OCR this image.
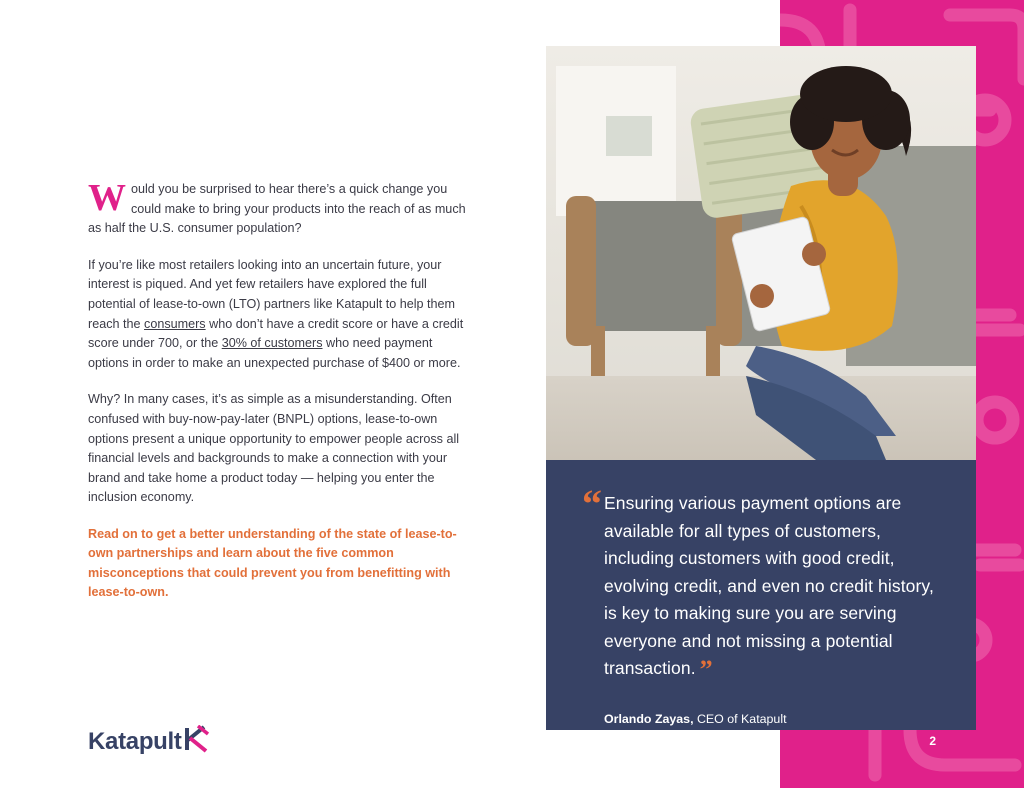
Would you be surprised to hear there’s a quick change you could make to bring your products into the reach of as much as half the U.S. consumer population?

If you’re like most retailers looking into an uncertain future, your interest is piqued. And yet few retailers have explored the full potential of lease-to-own (LTO) partners like Katapult to help them reach the consumers who don’t have a credit score or have a credit score under 700, or the 30% of customers who need payment options in order to make an unexpected purchase of $400 or more.

Why? In many cases, it’s as simple as a misunderstanding. Often confused with buy-now-pay-later (BNPL) options, lease-to-own options present a unique opportunity to empower people across all financial levels and backgrounds to make a connection with your brand and take home a product today — helping you enter the inclusion economy.

Read on to get a better understanding of the state of lease-to-own partnerships and learn about the five common misconceptions that could prevent you from benefitting with lease-to-own.

Ensuring various payment options are available for all types of customers, including customers with good credit, evolving credit, and even no credit history, is key to making sure you are serving everyone and not missing a potential transaction. ”

Orlando Zayas, CEO of Katapult
“
Katapult	2
